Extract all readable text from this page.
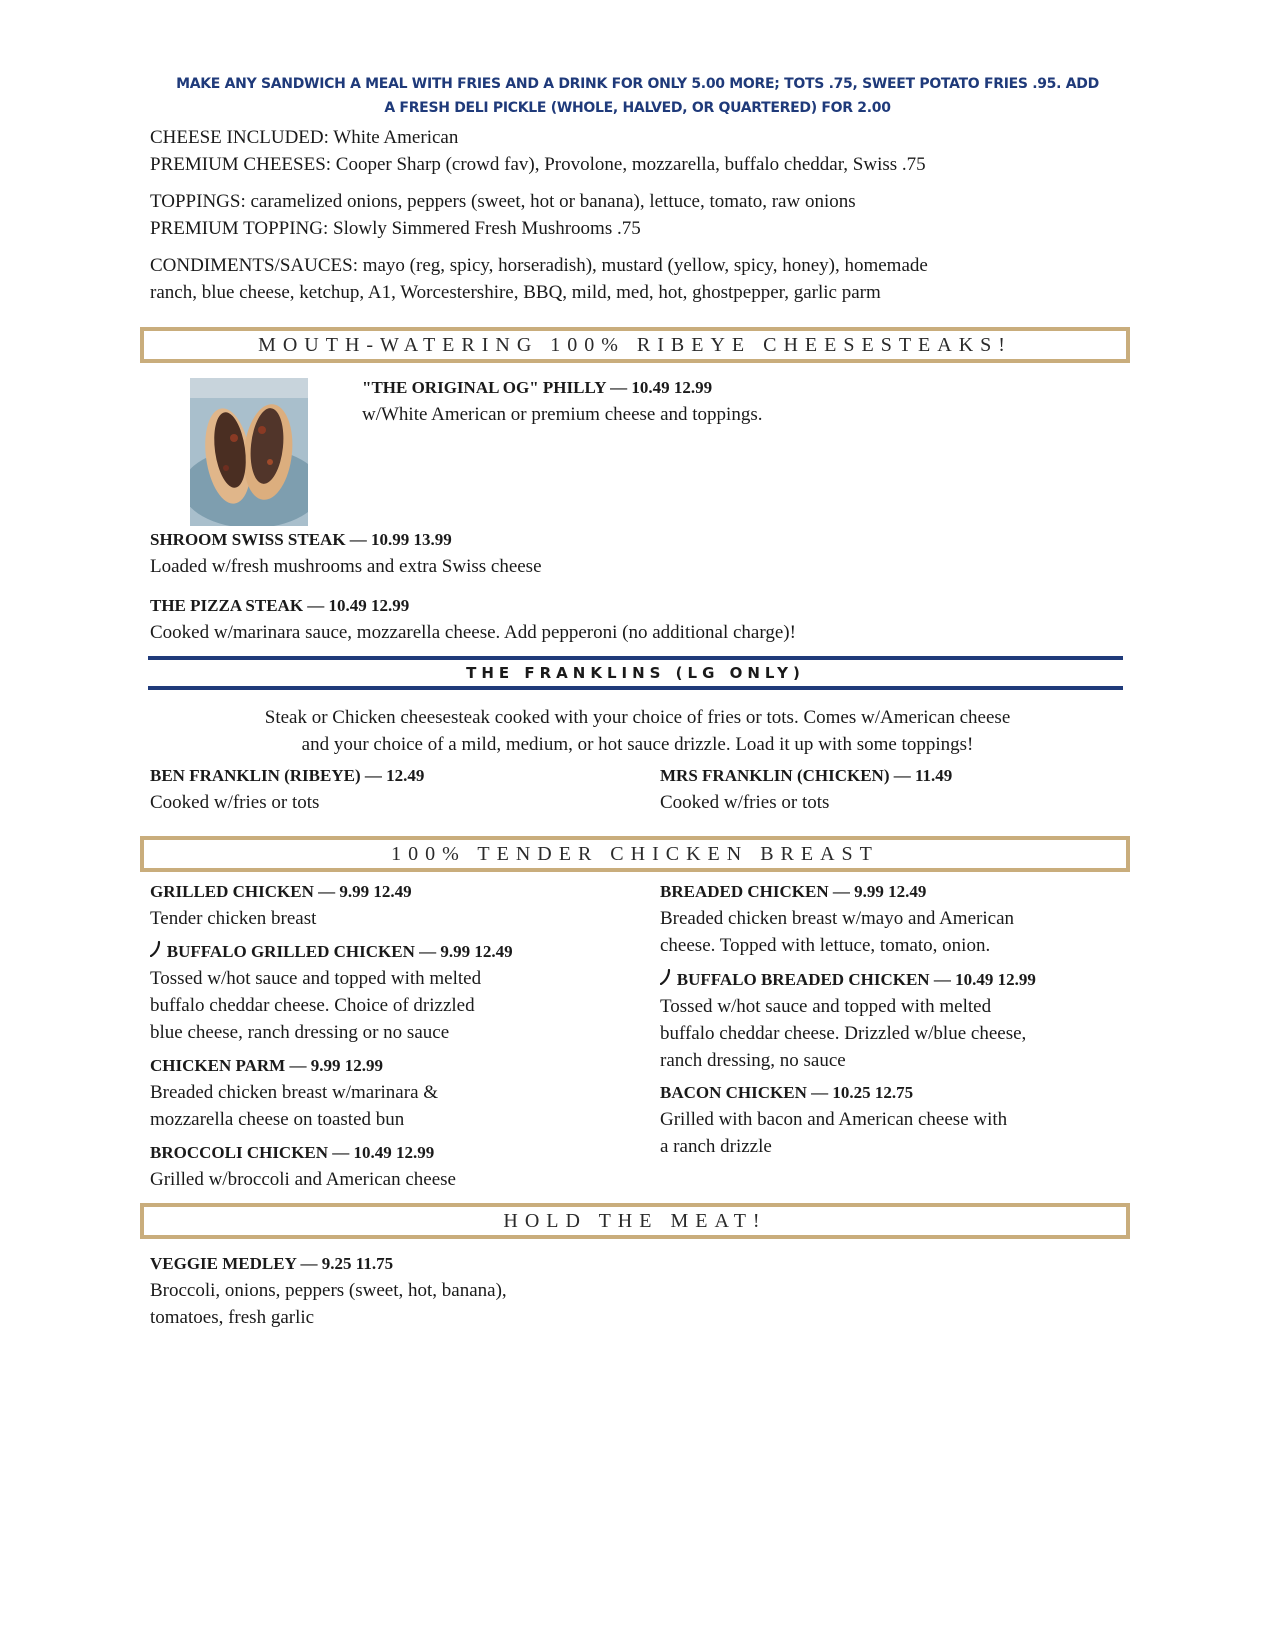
MAKE ANY SANDWICH A MEAL WITH FRIES AND A DRINK FOR ONLY 5.00 MORE; TOTS .75, SWEET POTATO FRIES .95. ADD
A FRESH DELI PICKLE (WHOLE, HALVED, OR QUARTERED) FOR 2.00
CHEESE INCLUDED: White American
PREMIUM CHEESES: Cooper Sharp (crowd fav), Provolone, mozzarella, buffalo cheddar, Swiss .75
TOPPINGS: caramelized onions, peppers (sweet, hot or banana), lettuce, tomato, raw onions
PREMIUM TOPPING: Slowly Simmered Fresh Mushrooms .75
CONDIMENTS/SAUCES: mayo (reg, spicy, horseradish), mustard (yellow, spicy, honey), homemade
ranch, blue cheese, ketchup, A1, Worcestershire, BBQ, mild, med, hot, ghostpepper, garlic parm
MOUTH-WATERING 100% RIBEYE CHEESESTEAKS!
"THE ORIGINAL OG" PHILLY — 10.49 12.99
w/White American or premium cheese and toppings.
SHROOM SWISS STEAK — 10.99 13.99
Loaded w/fresh mushrooms and extra Swiss cheese
THE PIZZA STEAK — 10.49 12.99
Cooked w/marinara sauce, mozzarella cheese. Add pepperoni (no additional charge)!
THE FRANKLINS (LG ONLY)
Steak or Chicken cheesesteak cooked with your choice of fries or tots. Comes w/American cheese
and your choice of a mild, medium, or hot sauce drizzle. Load it up with some toppings!
BEN FRANKLIN (RIBEYE) — 12.49
Cooked w/fries or tots
MRS FRANKLIN (CHICKEN) — 11.49
Cooked w/fries or tots
100% TENDER CHICKEN BREAST
GRILLED CHICKEN — 9.99 12.49
Tender chicken breast
BUFFALO GRILLED CHICKEN — 9.99 12.49
Tossed w/hot sauce and topped with melted
buffalo cheddar cheese. Choice of drizzled
blue cheese, ranch dressing or no sauce
CHICKEN PARM — 9.99 12.99
Breaded chicken breast w/marinara &
mozzarella cheese on toasted bun
BROCCOLI CHICKEN — 10.49 12.99
Grilled w/broccoli and American cheese
BREADED CHICKEN — 9.99 12.49
Breaded chicken breast w/mayo and American
cheese. Topped with lettuce, tomato, onion.
BUFFALO BREADED CHICKEN — 10.49 12.99
Tossed w/hot sauce and topped with melted
buffalo cheddar cheese. Drizzled w/blue cheese,
ranch dressing, no sauce
BACON CHICKEN — 10.25 12.75
Grilled with bacon and American cheese with
a ranch drizzle
HOLD THE MEAT!
VEGGIE MEDLEY — 9.25 11.75
Broccoli, onions, peppers (sweet, hot, banana),
tomatoes, fresh garlic
